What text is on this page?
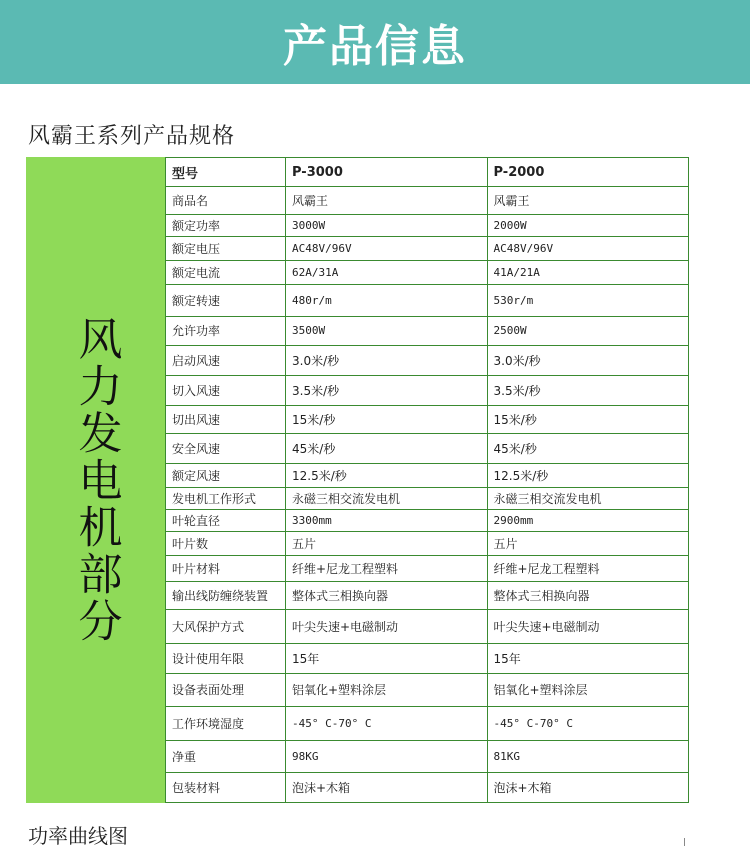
产品信息
风霸王系列产品规格
风力发电机部分
型号	P-3000	P-2000
商品名	风霸王	风霸王
额定功率	3000W	2000W
额定电压	AC48V/96V	AC48V/96V
额定电流	62A/31A	41A/21A
额定转速	480r/m	530r/m
允许功率	3500W	2500W
启动风速	3.0米/秒	3.0米/秒
切入风速	3.5米/秒	3.5米/秒
切出风速	15米/秒	15米/秒
安全风速	45米/秒	45米/秒
额定风速	12.5米/秒	12.5米/秒
发电机工作形式	永磁三相交流发电机	永磁三相交流发电机
叶轮直径	3300mm	2900mm
叶片数	五片	五片
叶片材料	纤维+尼龙工程塑料	纤维+尼龙工程塑料
输出线防缠绕装置	整体式三相换向器	整体式三相换向器
大风保护方式	叶尖失速+电磁制动	叶尖失速+电磁制动
设计使用年限	15年	15年
设备表面处理	铝氧化+塑料涂层	铝氧化+塑料涂层
工作环境湿度	-45° C-70° C	-45° C-70° C
净重	98KG	81KG
包装材料	泡沫+木箱	泡沫+木箱
功率曲线图
